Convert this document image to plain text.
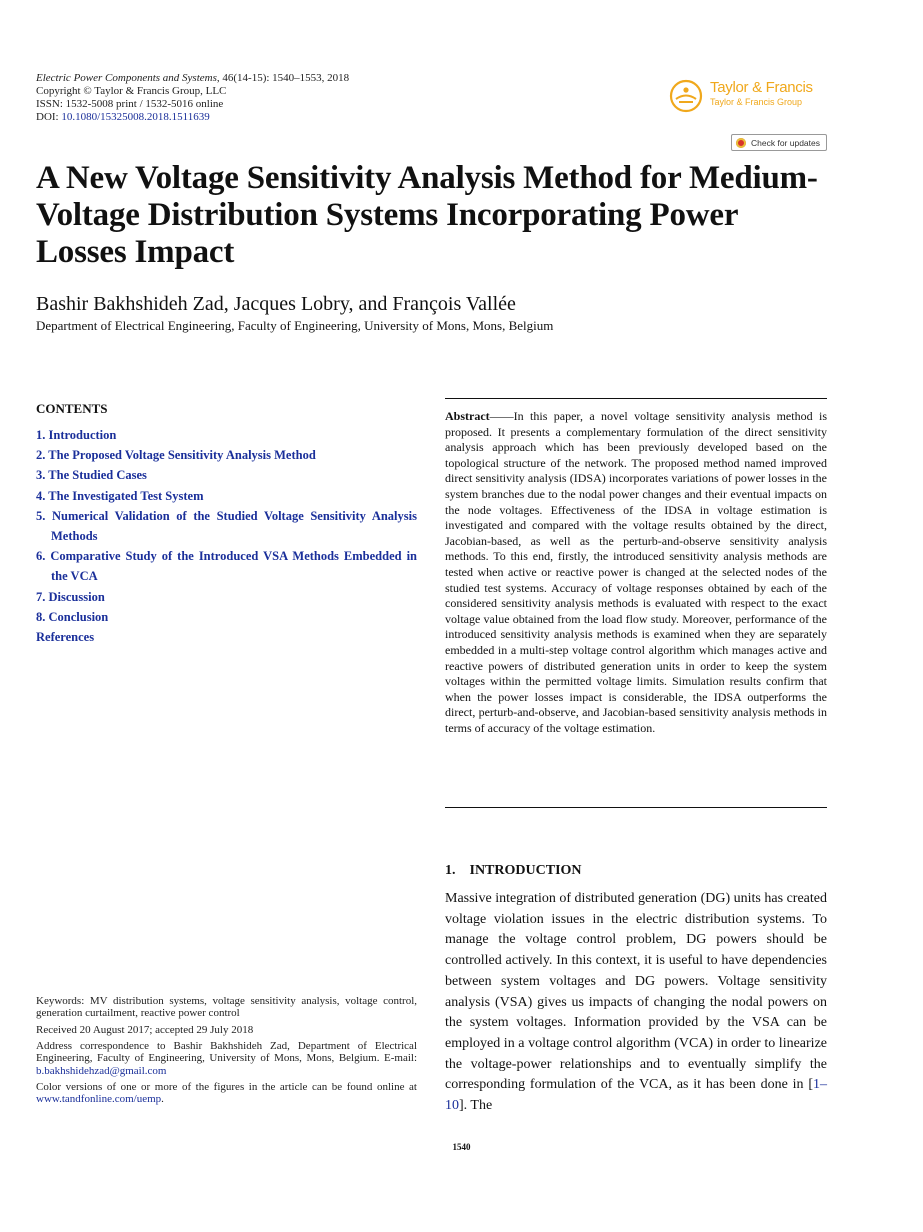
Electric Power Components and Systems, 46(14-15): 1540–1553, 2018
Copyright © Taylor & Francis Group, LLC
ISSN: 1532-5008 print / 1532-5016 online
DOI: 10.1080/15325008.2018.1511639
Taylor & Francis
Taylor & Francis Group
Check for updates
A New Voltage Sensitivity Analysis Method for Medium-Voltage Distribution Systems Incorporating Power Losses Impact
Bashir Bakhshideh Zad, Jacques Lobry, and François Vallée
Department of Electrical Engineering, Faculty of Engineering, University of Mons, Mons, Belgium
CONTENTS
1. Introduction
2. The Proposed Voltage Sensitivity Analysis Method
3. The Studied Cases
4. The Investigated Test System
5. Numerical Validation of the Studied Voltage Sensitivity Analysis Methods
6. Comparative Study of the Introduced VSA Methods Embedded in the VCA
7. Discussion
8. Conclusion
References
Abstract——In this paper, a novel voltage sensitivity analysis method is proposed. It presents a complementary formulation of the direct sensitivity analysis approach which has been previously developed based on the topological structure of the network. The proposed method named improved direct sensitivity analysis (IDSA) incorporates variations of power losses in the system branches due to the nodal power changes and their eventual impacts on the node voltages. Effectiveness of the IDSA in voltage estimation is investigated and compared with the voltage results obtained by the direct, Jacobian-based, as well as the perturb-and-observe sensitivity analysis methods. To this end, firstly, the introduced sensitivity analysis methods are tested when active or reactive power is changed at the selected nodes of the studied test systems. Accuracy of voltage responses obtained by each of the considered sensitivity analysis methods is evaluated with respect to the exact voltage value obtained from the load flow study. Moreover, performance of the introduced sensitivity analysis methods is examined when they are separately embedded in a multi-step voltage control algorithm which manages active and reactive powers of distributed generation units in order to keep the system voltages within the permitted voltage limits. Simulation results confirm that when the power losses impact is considerable, the IDSA outperforms the direct, perturb-and-observe, and Jacobian-based sensitivity analysis methods in terms of accuracy of the voltage estimation.
1. INTRODUCTION
Massive integration of distributed generation (DG) units has created voltage violation issues in the electric distribution systems. To manage the voltage control problem, DG powers should be controlled actively. In this context, it is useful to have dependencies between system voltages and DG powers. Voltage sensitivity analysis (VSA) gives us impacts of changing the nodal powers on the system voltages. Information provided by the VSA can be employed in a voltage control algorithm (VCA) in order to linearize the voltage-power relationships and to eventually simplify the corresponding formulation of the VCA, as it has been done in [1–10]. The

Keywords: MV distribution systems, voltage sensitivity analysis, voltage control, generation curtailment, reactive power control

Received 20 August 2017; accepted 29 July 2018

Address correspondence to Bashir Bakhshideh Zad, Department of Electrical Engineering, Faculty of Engineering, University of Mons, Mons, Belgium. E-mail: b.bakhshidehzad@gmail.com

Color versions of one or more of the figures in the article can be found online at www.tandfonline.com/uemp.

1540
